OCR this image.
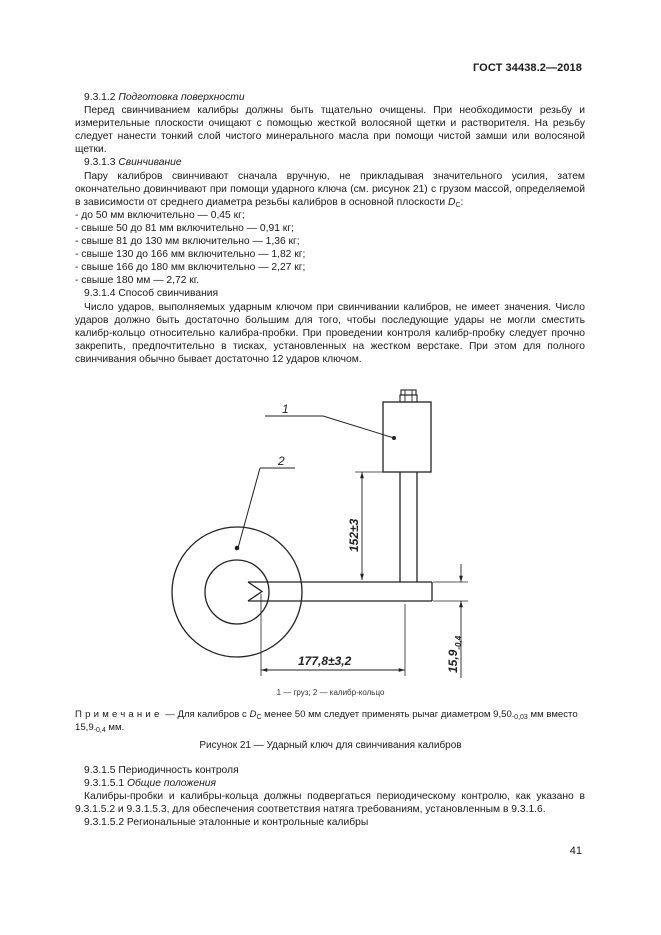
ГОСТ 34438.2—2018

9.3.1.2 Подготовка поверхности

Перед свинчиванием калибры должны быть тщательно очищены. При необходимости резьбу и измерительные плоскости очищают с помощью жесткой волосяной щетки и растворителя. На резьбу следует нанести тонкий слой чистого минерального масла при помощи чистой замши или волосяной щетки.

9.3.1.3 Свинчивание

Пару калибров свинчивают сначала вручную, не прикладывая значительного усилия, затем окончательно довинчивают при помощи ударного ключа (см. рисунок 21) с грузом массой, определяемой в зависимости от среднего диаметра резьбы калибров в основной плоскости $D_C$:

- до 50 мм включительно — 0,45 кг;
- свыше 50 до 81 мм включительно — 0,91 кг;
- свыше 81 до 130 мм включительно — 1,36 кг;
- свыше 130 до 166 мм включительно — 1,82 кг;
- свыше 166 до 180 мм включительно — 2,27 кг;
- свыше 180 мм — 2,72 кг.

9.3.1.4 Способ свинчивания

Число ударов, выполняемых ударным ключом при свинчивании калибров, не имеет значения. Число ударов должно быть достаточно большим для того, чтобы последующие удары не могли сместить калибр-кольцо относительно калибра-пробки. При проведении контроля калибр-пробку следует прочно закрепить, предпочтительно в тисках, установленных на жестком верстаке. При этом для полного свинчивания обычно бывает достаточно 12 ударов ключом.

1
2
152±3
177,8±3,2	$15,9_{-0,4}$
1 — груз; 2 — калибр-кольцо
Примечание — Для калибров с $D_C$ менее 50 мм следует применять рычаг диаметром $9,50_{-0,03}$ мм вместо $15,9_{-0,4}$ мм.
Рисунок 21 — Ударный ключ для свинчивания калибров

9.3.1.5 Периодичность контроля

9.3.1.5.1 Общие положения

Калибры-пробки и калибры-кольца должны подвергаться периодическому контролю, как указано в 9.3.1.5.2 и 9.3.1.5.3, для обеспечения соответствия натяга требованиям, установленным в 9.3.1.6.

9.3.1.5.2 Региональные эталонные и контрольные калибры

41
